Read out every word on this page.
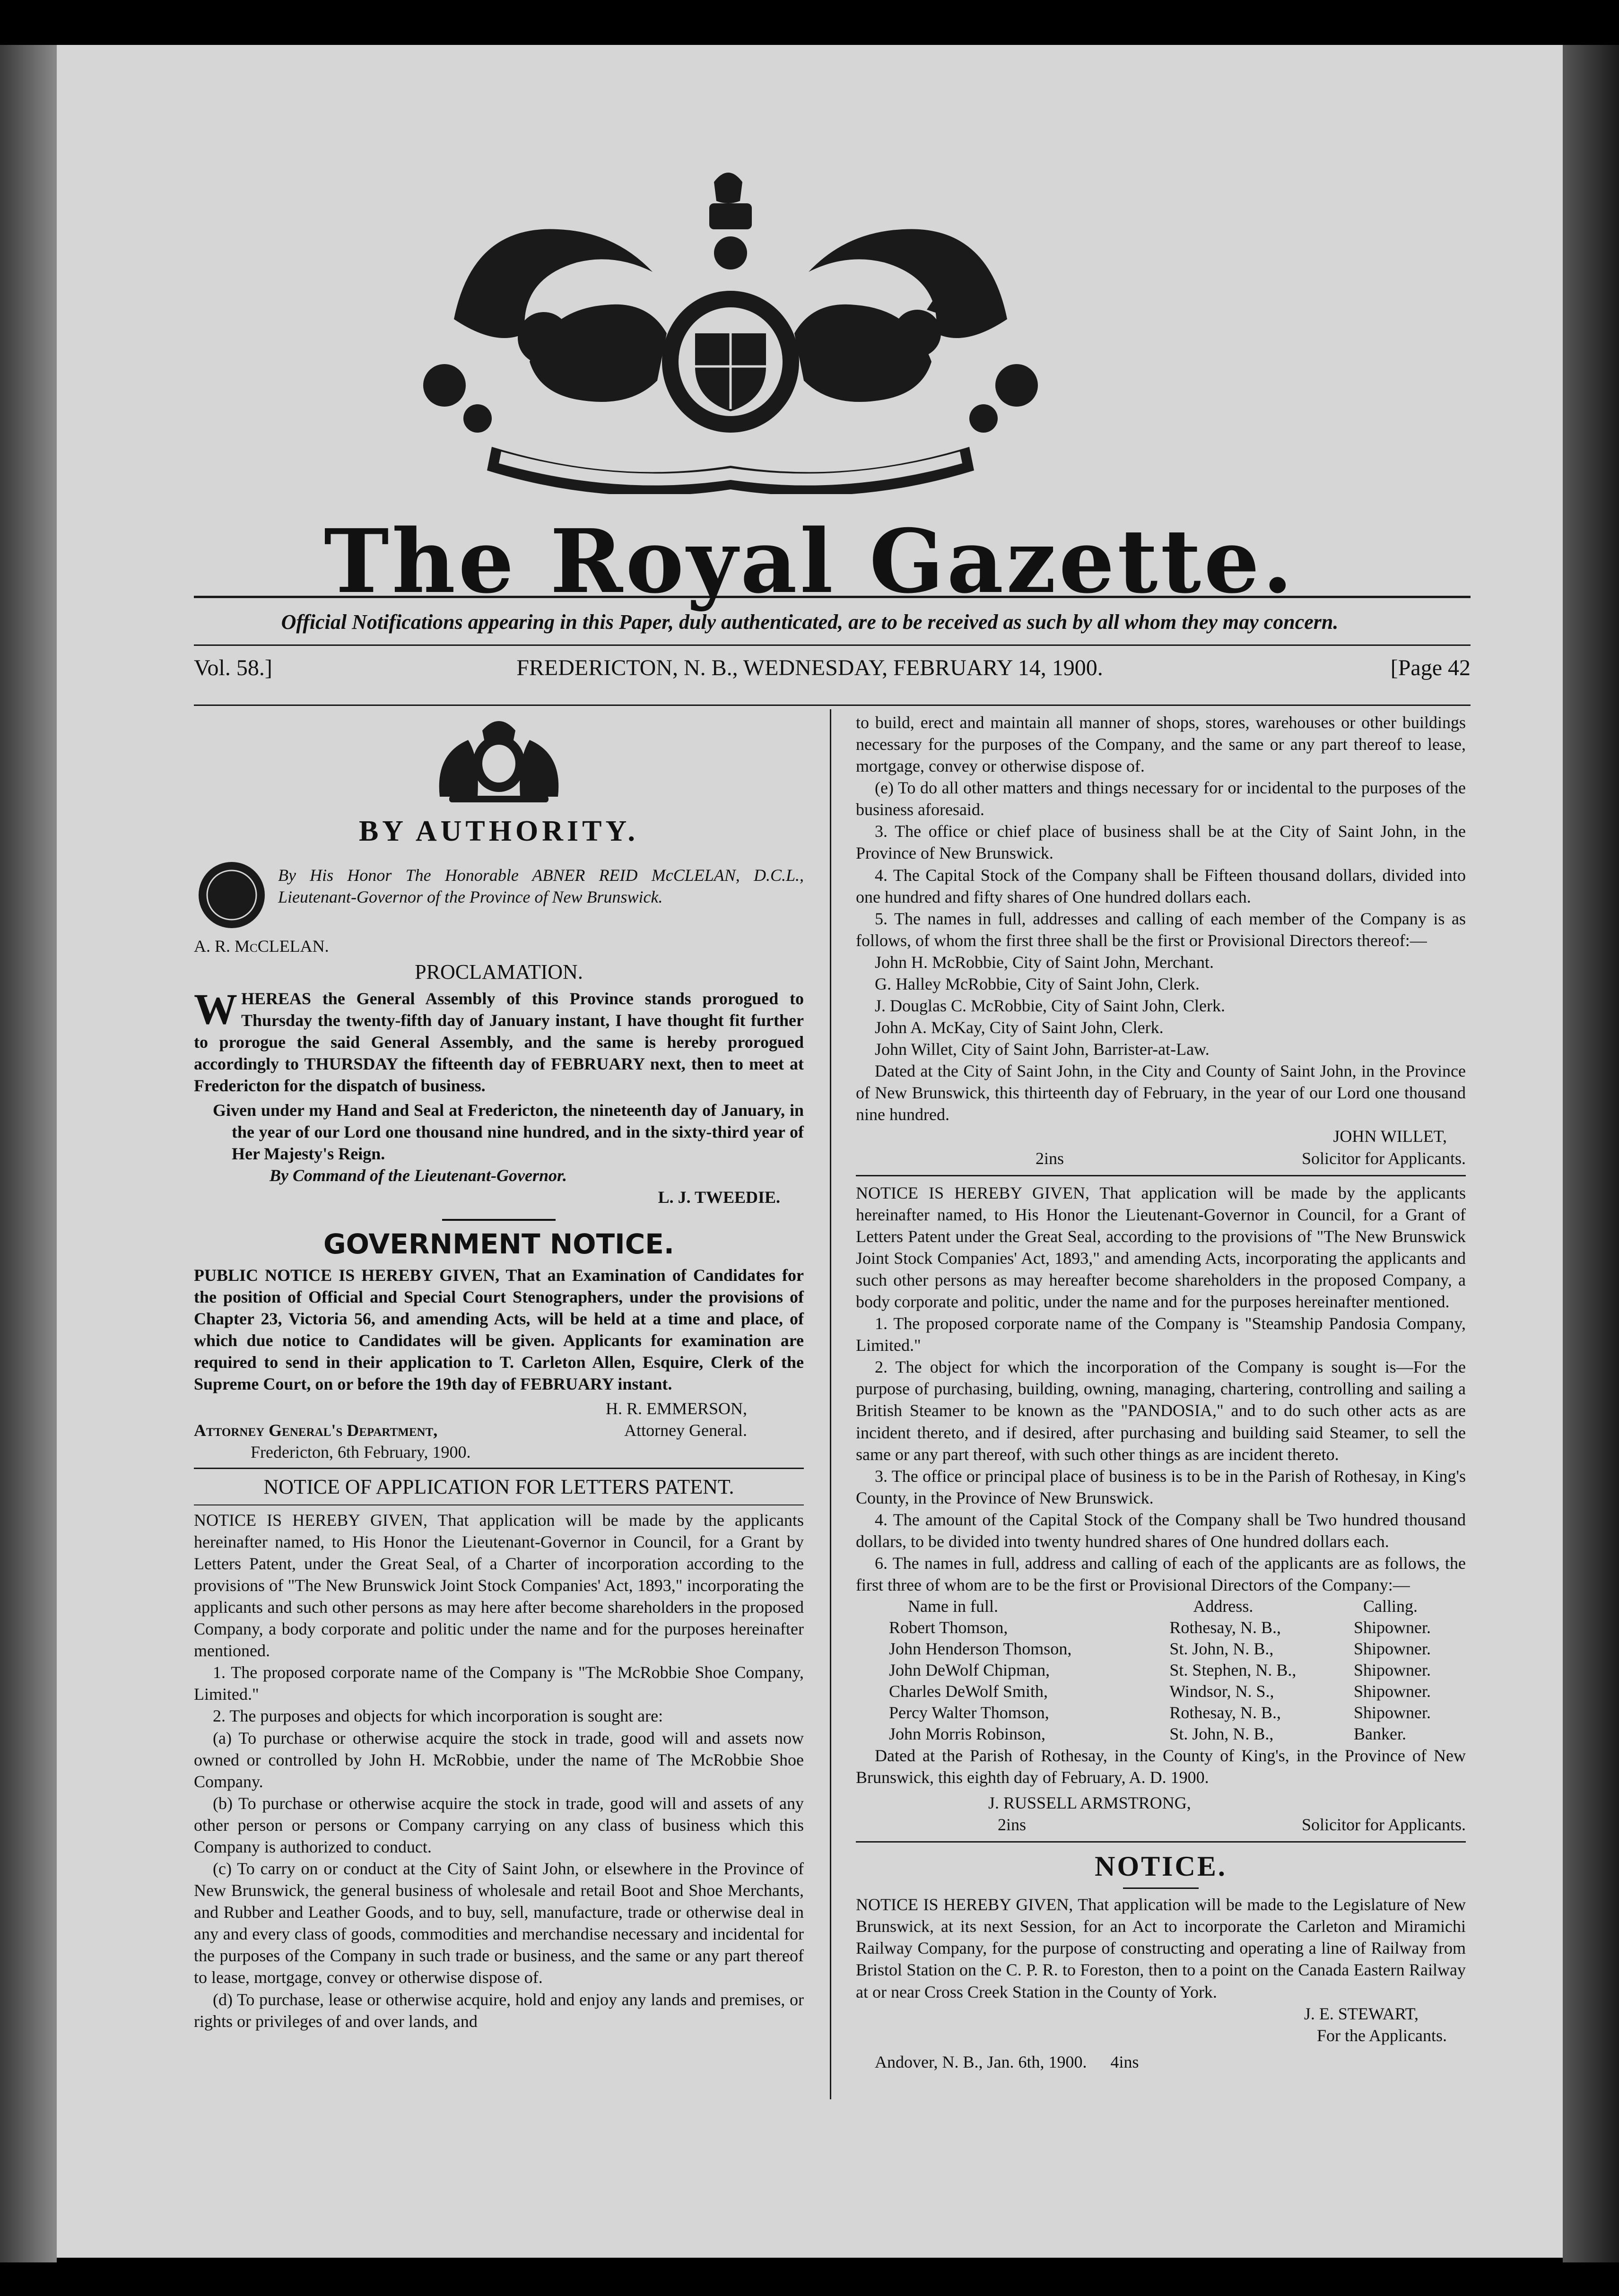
The Royal Gazette.
Official Notifications appearing in this Paper, duly authenticated, are to be received as such by all whom they may concern.
Vol. 58.]	FREDERICTON, N. B., WEDNESDAY, FEBRUARY 14, 1900.	[Page 42
BY AUTHORITY.

By His Honor The Honorable ABNER REID McCLELAN, D.C.L., Lieutenant-Governor of the Province of New Brunswick.

A. R. McCLELAN.

PROCLAMATION.

WHEREAS the General Assembly of this Province stands prorogued to Thursday the twenty-fifth day of January instant, I have thought fit further to prorogue the said General Assembly, and the same is hereby prorogued accordingly to THURSDAY the fifteenth day of FEBRUARY next, then to meet at Fredericton for the dispatch of business.

Given under my Hand and Seal at Fredericton, the nineteenth day of January, in the year of our Lord one thousand nine hundred, and in the sixty-third year of Her Majesty's Reign.

By Command of the Lieutenant-Governor.

L. J. TWEEDIE.

GOVERNMENT NOTICE.

PUBLIC NOTICE IS HEREBY GIVEN, That an Examination of Candidates for the position of Official and Special Court Stenographers, under the provisions of Chapter 23, Victoria 56, and amending Acts, will be held at a time and place, of which due notice to Candidates will be given. Applicants for examination are required to send in their application to T. Carleton Allen, Esquire, Clerk of the Supreme Court, on or before the 19th day of FEBRUARY instant.

H. R. EMMERSON,

Attorney General's Department,	Attorney General.

Fredericton, 6th February, 1900.

NOTICE OF APPLICATION FOR LETTERS PATENT.

NOTICE IS HEREBY GIVEN, That application will be made by the applicants hereinafter named, to His Honor the Lieutenant-Governor in Council, for a Grant by Letters Patent, under the Great Seal, of a Charter of incorporation according to the provisions of "The New Brunswick Joint Stock Companies' Act, 1893," incorporating the applicants and such other persons as may here after become shareholders in the proposed Company, a body corporate and politic under the name and for the purposes hereinafter mentioned.

1. The proposed corporate name of the Company is "The McRobbie Shoe Company, Limited."

2. The purposes and objects for which incorporation is sought are:

(a) To purchase or otherwise acquire the stock in trade, good will and assets now owned or controlled by John H. McRobbie, under the name of The McRobbie Shoe Company.

(b) To purchase or otherwise acquire the stock in trade, good will and assets of any other person or persons or Company carrying on any class of business which this Company is authorized to conduct.

(c) To carry on or conduct at the City of Saint John, or elsewhere in the Province of New Brunswick, the general business of wholesale and retail Boot and Shoe Merchants, and Rubber and Leather Goods, and to buy, sell, manufacture, trade or otherwise deal in any and every class of goods, commodities and merchandise necessary and incidental for the purposes of the Company in such trade or business, and the same or any part thereof to lease, mortgage, convey or otherwise dispose of.

(d) To purchase, lease or otherwise acquire, hold and enjoy any lands and premises, or rights or privileges of and over lands, and

to build, erect and maintain all manner of shops, stores, warehouses or other buildings necessary for the purposes of the Company, and the same or any part thereof to lease, mortgage, convey or otherwise dispose of.

(e) To do all other matters and things necessary for or incidental to the purposes of the business aforesaid.

3. The office or chief place of business shall be at the City of Saint John, in the Province of New Brunswick.

4. The Capital Stock of the Company shall be Fifteen thousand dollars, divided into one hundred and fifty shares of One hundred dollars each.

5. The names in full, addresses and calling of each member of the Company is as follows, of whom the first three shall be the first or Provisional Directors thereof:—

John H. McRobbie, City of Saint John, Merchant.

G. Halley McRobbie, City of Saint John, Clerk.

J. Douglas C. McRobbie, City of Saint John, Clerk.

John A. McKay, City of Saint John, Clerk.

John Willet, City of Saint John, Barrister-at-Law.

Dated at the City of Saint John, in the City and County of Saint John, in the Province of New Brunswick, this thirteenth day of February, in the year of our Lord one thousand nine hundred.

JOHN WILLET,

2ins	Solicitor for Applicants.

NOTICE IS HEREBY GIVEN, That application will be made by the applicants hereinafter named, to His Honor the Lieutenant-Governor in Council, for a Grant of Letters Patent under the Great Seal, according to the provisions of "The New Brunswick Joint Stock Companies' Act, 1893," and amending Acts, incorporating the applicants and such other persons as may hereafter become shareholders in the proposed Company, a body corporate and politic, under the name and for the purposes hereinafter mentioned.

1. The proposed corporate name of the Company is "Steamship Pandosia Company, Limited."

2. The object for which the incorporation of the Company is sought is—For the purpose of purchasing, building, owning, managing, chartering, controlling and sailing a British Steamer to be known as the "PANDOSIA," and to do such other acts as are incident thereto, and if desired, after purchasing and building said Steamer, to sell the same or any part thereof, with such other things as are incident thereto.

3. The office or principal place of business is to be in the Parish of Rothesay, in King's County, in the Province of New Brunswick.

4. The amount of the Capital Stock of the Company shall be Two hundred thousand dollars, to be divided into twenty hundred shares of One hundred dollars each.

6. The names in full, address and calling of each of the applicants are as follows, the first three of whom are to be the first or Provisional Directors of the Company:—

Name in full.	Address.	Calling.
Robert Thomson,	Rothesay, N. B.,	Shipowner.
John Henderson Thomson,	St. John, N. B.,	Shipowner.
John DeWolf Chipman,	St. Stephen, N. B.,	Shipowner.
Charles DeWolf Smith,	Windsor, N. S.,	Shipowner.
Percy Walter Thomson,	Rothesay, N. B.,	Shipowner.
John Morris Robinson,	St. John, N. B.,	Banker.

Dated at the Parish of Rothesay, in the County of King's, in the Province of New Brunswick, this eighth day of February, A. D. 1900.

J. RUSSELL ARMSTRONG,
2ins	Solicitor for Applicants.
NOTICE.

NOTICE IS HEREBY GIVEN, That application will be made to the Legislature of New Brunswick, at its next Session, for an Act to incorporate the Carleton and Miramichi Railway Company, for the purpose of constructing and operating a line of Railway from Bristol Station on the C. P. R. to Foreston, then to a point on the Canada Eastern Railway at or near Cross Creek Station in the County of York.

J. E. STEWART,

For the Applicants.

Andover, N. B., Jan. 6th, 1900.	4ins
